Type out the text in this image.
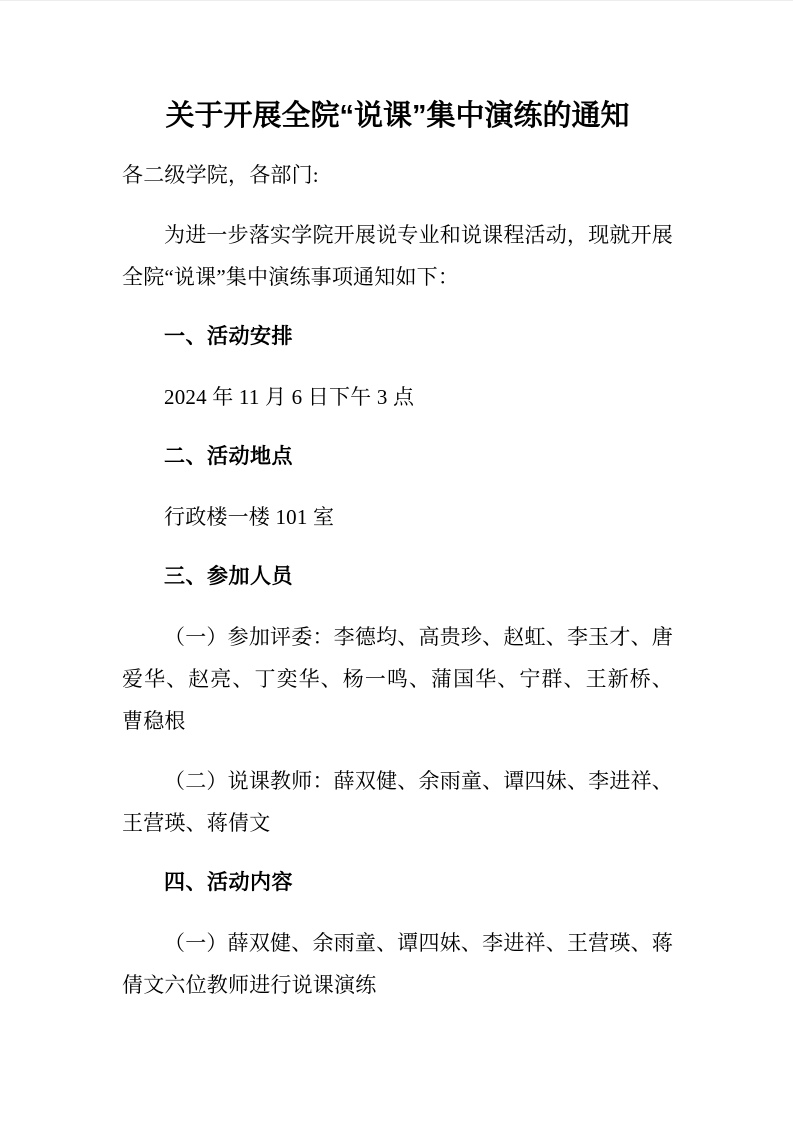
关于开展全院“说课”集中演练的通知

各二级学院，各部门:

为进一步落实学院开展说专业和说课程活动，现就开展全院“说课”集中演练事项通知如下：

一、活动安排

2024 年 11 月 6 日下午 3 点

二、活动地点

行政楼一楼 101 室

三、参加人员

（一）参加评委：李德均、高贵珍、赵虹、李玉才、唐爱华、赵亮、丁奕华、杨一鸣、蒲国华、宁群、王新桥、曹稳根

（二）说课教师：薛双健、余雨童、谭四妹、李进祥、王营瑛、蒋倩文

四、活动内容

（一）薛双健、余雨童、谭四妹、李进祥、王营瑛、蒋倩文六位教师进行说课演练
